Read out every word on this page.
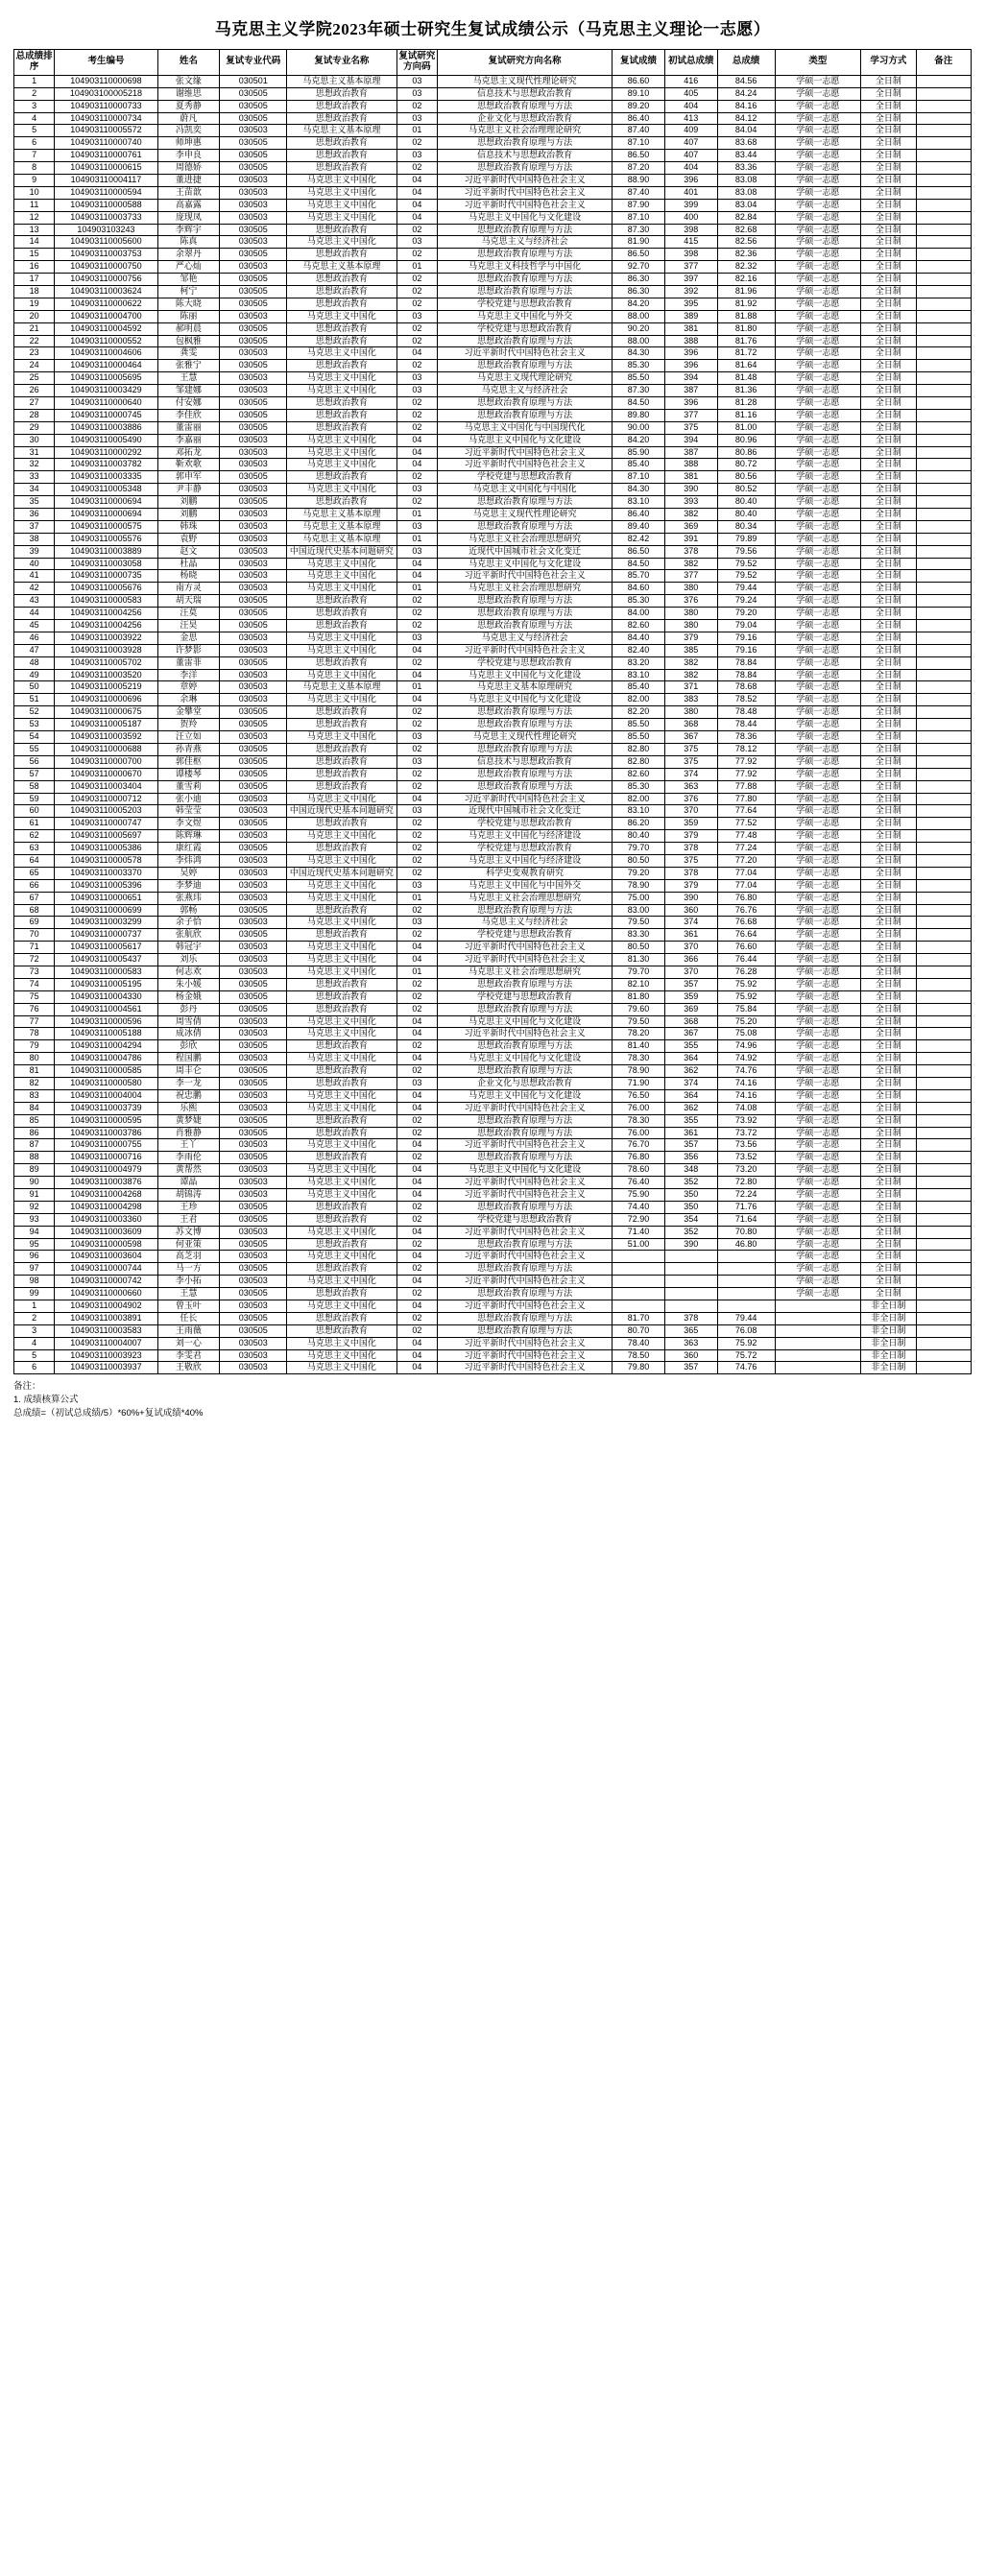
马克思主义学院2023年硕士研究生复试成绩公示（马克思主义理论一志愿）
总成绩排序	考生编号	姓名	复试专业代码	复试专业名称	复试研究方向码	复试研究方向名称	复试成绩	初试总成绩	总成绩	类型	学习方式	备注
1	104903110000698	张文缘	030501	马克思主义基本原理	03	马克思主义现代性理论研究	86.60	416	84.56	学硕一志愿	全日制	
2	104903100005218	谢维思	030505	思想政治教育	03	信息技术与思想政治教育	89.10	405	84.24	学硕一志愿	全日制	
3	104903110000733	夏秀静	030505	思想政治教育	02	思想政治教育原理与方法	89.20	404	84.16	学硕一志愿	全日制	
4	104903110000734	蔚凡	030505	思想政治教育	03	企业文化与思想政治教育	86.40	413	84.12	学硕一志愿	全日制	
5	104903110005572	冯凯奕	030503	马克思主义基本原理	01	马克思主义社会治理理论研究	87.40	409	84.04	学硕一志愿	全日制	
6	104903110000740	师坤惠	030505	思想政治教育	02	思想政治教育原理与方法	87.10	407	83.68	学硕一志愿	全日制	
7	104903110000761	李申良	030505	思想政治教育	03	信息技术与思想政治教育	86.50	407	83.44	学硕一志愿	全日制	
8	104903110000615	周德娇	030505	思想政治教育	02	思想政治教育原理与方法	87.20	404	83.36	学硕一志愿	全日制	
9	104903110004117	董进捷	030503	马克思主义中国化	04	习近平新时代中国特色社会主义	88.90	396	83.08	学硕一志愿	全日制	
10	104903110000594	王苗歆	030503	马克思主义中国化	04	习近平新时代中国特色社会主义	87.40	401	83.08	学硕一志愿	全日制	
11	104903110000588	高嘉露	030503	马克思主义中国化	04	习近平新时代中国特色社会主义	87.90	399	83.04	学硕一志愿	全日制	
12	104903110003733	庞现凤	030503	马克思主义中国化	04	马克思主义中国化与文化建设	87.10	400	82.84	学硕一志愿	全日制	
13	104903103243	李辉宇	030505	思想政治教育	02	思想政治教育原理与方法	87.30	398	82.68	学硕一志愿	全日制	
14	104903110005600	陈真	030503	马克思主义中国化	03	马克思主义与经济社会	81.90	415	82.56	学硕一志愿	全日制	
15	104903110003753	余翠丹	030505	思想政治教育	02	思想政治教育原理与方法	86.50	398	82.36	学硕一志愿	全日制	
16	104903110000750	严心灿	030503	马克思主义基本原理	01	马克思主义科技哲学与中国化	92.70	377	82.32	学硕一志愿	全日制	
17	104903110000756	邹艳	030505	思想政治教育	02	思想政治教育原理与方法	86.30	397	82.16	学硕一志愿	全日制	
18	104903110003624	柯宁	030505	思想政治教育	02	思想政治教育原理与方法	86.30	392	81.96	学硕一志愿	全日制	
19	104903110000622	陈大晓	030505	思想政治教育	02	学校党建与思想政治教育	84.20	395	81.92	学硕一志愿	全日制	
20	104903110004700	陈丽	030503	马克思主义中国化	03	马克思主义中国化与外交	88.00	389	81.88	学硕一志愿	全日制	
21	104903110004592	郝明晨	030505	思想政治教育	02	学校党建与思想政治教育	90.20	381	81.80	学硕一志愿	全日制	
22	104903110000552	包枫雅	030505	思想政治教育	02	思想政治教育原理与方法	88.00	388	81.76	学硕一志愿	全日制	
23	104903110004606	龚雯	030503	马克思主义中国化	04	习近平新时代中国特色社会主义	84.30	396	81.72	学硕一志愿	全日制	
24	104903110000464	张雅宁	030505	思想政治教育	02	思想政治教育原理与方法	85.30	396	81.64	学硕一志愿	全日制	
25	104903110005695	王慧	030503	马克思主义中国化	03	马克思主义现代理论研究	85.50	394	81.48	学硕一志愿	全日制	
26	104903110003429	邹建娜	030503	马克思主义中国化	03	马克思主义与经济社会	87.30	387	81.36	学硕一志愿	全日制	
27	104903110000640	付安娜	030505	思想政治教育	02	思想政治教育原理与方法	84.50	396	81.28	学硕一志愿	全日制	
28	104903110000745	李佳欣	030505	思想政治教育	02	思想政治教育原理与方法	89.80	377	81.16	学硕一志愿	全日制	
29	104903110003886	董雷丽	030505	思想政治教育	02	马克思主义中国化与中国现代化	90.00	375	81.00	学硕一志愿	全日制	
30	104903110005490	李嘉丽	030503	马克思主义中国化	04	马克思主义中国化与文化建设	84.20	394	80.96	学硕一志愿	全日制	
31	104903110000292	邓拓龙	030503	马克思主义中国化	04	习近平新时代中国特色社会主义	85.90	387	80.86	学硕一志愿	全日制	
32	104903110003782	靳欢歌	030503	马克思主义中国化	04	习近平新时代中国特色社会主义	85.40	388	80.72	学硕一志愿	全日制	
33	104903110003335	郭申军	030505	思想政治教育	02	学校党建与思想政治教育	87.10	381	80.56	学硕一志愿	全日制	
34	104903110005348	尹丰静	030503	马克思主义中国化	03	马克思主义中国化与中国化	84.30	390	80.52	学硕一志愿	全日制	
35	104903110000694	刘鹏	030505	思想政治教育	02	思想政治教育原理与方法	83.10	393	80.40	学硕一志愿	全日制	
36	104903110000694	刘鹏	030503	马克思主义基本原理	01	马克思主义现代性理论研究	86.40	382	80.40	学硕一志愿	全日制	
37	104903110000575	韩珠	030503	马克思主义基本原理	03	思想政治教育原理与方法	89.40	369	80.34	学硕一志愿	全日制	
38	104903110005576	袁野	030503	马克思主义基本原理	01	马克思主义社会治理思想研究	82.42	391	79.89	学硕一志愿	全日制	
39	104903110003889	赵文	030503	中国近现代史基本问题研究	03	近现代中国城市社会文化变迁	86.50	378	79.56	学硕一志愿	全日制	
40	104903110003058	杜晶	030503	马克思主义中国化	04	马克思主义中国化与文化建设	84.50	382	79.52	学硕一志愿	全日制	
41	104903110000735	杨晓	030503	马克思主义中国化	04	习近平新时代中国特色社会主义	85.70	377	79.52	学硕一志愿	全日制	
42	104903110005676	南方灵	030503	马克思主义中国化	01	马克思主义社会治理思想研究	84.60	380	79.44	学硕一志愿	全日制	
43	104903110000583	胡天瑞	030505	思想政治教育	02	思想政治教育原理与方法	85.30	376	79.24	学硕一志愿	全日制	
44	104903110004256	汪莫	030505	思想政治教育	02	思想政治教育原理与方法	84.00	380	79.20	学硕一志愿	全日制	
45	104903110004256	汪昊	030505	思想政治教育	02	思想政治教育原理与方法	82.60	380	79.04	学硕一志愿	全日制	
46	104903110003922	金思	030503	马克思主义中国化	03	马克思主义与经济社会	84.40	379	79.16	学硕一志愿	全日制	
47	104903110003928	许梦影	030503	马克思主义中国化	04	习近平新时代中国特色社会主义	82.40	385	79.16	学硕一志愿	全日制	
48	104903110005702	董雷菲	030505	思想政治教育	02	学校党建与思想政治教育	83.20	382	78.84	学硕一志愿	全日制	
49	104903110003520	李洋	030503	马克思主义中国化	04	马克思主义中国化与文化建设	83.10	382	78.84	学硕一志愿	全日制	
50	104903110005219	章婷	030503	马克思主义基本原理	01	马克思主义基本原理研究	85.40	371	78.68	学硕一志愿	全日制	
51	104903110000696	余琳	030503	马克思主义中国化	04	马克思主义中国化与文化建设	82.00	383	78.52	学硕一志愿	全日制	
52	104903110000675	金攀堂	030505	思想政治教育	02	思想政治教育原理与方法	82.20	380	78.48	学硕一志愿	全日制	
53	104903110005187	贺羚	030505	思想政治教育	02	思想政治教育原理与方法	85.50	368	78.44	学硕一志愿	全日制	
54	104903110003592	汪立如	030503	马克思主义中国化	03	马克思主义现代性理论研究	85.50	367	78.36	学硕一志愿	全日制	
55	104903110000688	孙青燕	030505	思想政治教育	02	思想政治教育原理与方法	82.80	375	78.12	学硕一志愿	全日制	
56	104903110000700	郭佳枢	030505	思想政治教育	03	信息技术与思想政治教育	82.80	375	77.92	学硕一志愿	全日制	
57	104903110000670	谭楼琴	030505	思想政治教育	02	思想政治教育原理与方法	82.60	374	77.92	学硕一志愿	全日制	
58	104903110003404	董雪莉	030505	思想政治教育	02	思想政治教育原理与方法	85.30	363	77.88	学硕一志愿	全日制	
59	104903110000712	张小迪	030503	马克思主义中国化	04	习近平新时代中国特色社会主义	82.00	376	77.80	学硕一志愿	全日制	
60	104903110005203	韩莹莹	030503	中国近现代史基本问题研究	03	近现代中国城市社会文化变迁	83.10	370	77.64	学硕一志愿	全日制	
61	104903110000747	李文煜	030505	思想政治教育	02	学校党建与思想政治教育	86.20	359	77.52	学硕一志愿	全日制	
62	104903110005697	陈辉琳	030503	马克思主义中国化	02	马克思主义中国化与经济建设	80.40	379	77.48	学硕一志愿	全日制	
63	104903110005386	康红霞	030505	思想政治教育	02	学校党建与思想政治教育	79.70	378	77.24	学硕一志愿	全日制	
64	104903110000578	李炜鸿	030503	马克思主义中国化	02	马克思主义中国化与经济建设	80.50	375	77.20	学硕一志愿	全日制	
65	104903110003370	吴婷	030503	中国近现代史基本问题研究	02	科学史变观教育研究	79.20	378	77.04	学硕一志愿	全日制	
66	104903110005396	李梦迪	030503	马克思主义中国化	03	马克思主义中国化与中国外交	78.90	379	77.04	学硕一志愿	全日制	
67	104903110000651	张燕玮	030503	马克思主义中国化	01	马克思主义社会治理思想研究	75.00	390	76.80	学硕一志愿	全日制	
68	104903110000699	郭畅	030505	思想政治教育	02	思想政治教育原理与方法	83.00	360	76.76	学硕一志愿	全日制	
69	104903110003299	余子恰	030503	马克思主义中国化	03	马克思主义与经济社会	79.50	374	76.68	学硕一志愿	全日制	
70	104903110000737	张航欣	030505	思想政治教育	02	学校党建与思想政治教育	83.30	361	76.64	学硕一志愿	全日制	
71	104903110005617	韩冠宇	030503	马克思主义中国化	04	习近平新时代中国特色社会主义	80.50	370	76.60	学硕一志愿	全日制	
72	104903110005437	刘乐	030503	马克思主义中国化	04	习近平新时代中国特色社会主义	81.30	366	76.44	学硕一志愿	全日制	
73	104903110000583	何志欢	030503	马克思主义中国化	01	马克思主义社会治理思想研究	79.70	370	76.28	学硕一志愿	全日制	
74	104903110005195	朱小媛	030505	思想政治教育	02	思想政治教育原理与方法	82.10	357	75.92	学硕一志愿	全日制	
75	104903110004330	杨金娥	030505	思想政治教育	02	学校党建与思想政治教育	81.80	359	75.92	学硕一志愿	全日制	
76	104903110004561	彭丹	030505	思想政治教育	02	思想政治教育原理与方法	79.60	369	75.84	学硕一志愿	全日制	
77	104903110000596	周雪倩	030503	马克思主义中国化	04	马克思主义中国化与文化建设	79.50	368	75.20	学硕一志愿	全日制	
78	104903110005188	成冰倩	030503	马克思主义中国化	04	习近平新时代中国特色社会主义	78.20	367	75.08	学硕一志愿	全日制	
79	104903110004294	彭欣	030505	思想政治教育	02	思想政治教育原理与方法	81.40	355	74.96	学硕一志愿	全日制	
80	104903110004786	程国鹏	030503	马克思主义中国化	04	马克思主义中国化与文化建设	78.30	364	74.92	学硕一志愿	全日制	
81	104903110000585	周丰仑	030505	思想政治教育	02	思想政治教育原理与方法	78.90	362	74.76	学硕一志愿	全日制	
82	104903110000580	李一龙	030505	思想政治教育	03	企业文化与思想政治教育	71.90	374	74.16	学硕一志愿	全日制	
83	104903110004004	祝忠鹏	030503	马克思主义中国化	04	马克思主义中国化与文化建设	76.50	364	74.16	学硕一志愿	全日制	
84	104903110003739	乐熙	030503	马克思主义中国化	04	习近平新时代中国特色社会主义	76.00	362	74.08	学硕一志愿	全日制	
85	104903110000595	黄梦婕	030505	思想政治教育	02	思想政治教育原理与方法	78.30	355	73.92	学硕一志愿	全日制	
86	104903110003786	肖雅静	030505	思想政治教育	02	思想政治教育原理与方法	76.00	361	73.72	学硕一志愿	全日制	
87	104903110000755	王丫	030503	马克思主义中国化	04	习近平新时代中国特色社会主义	76.70	357	73.56	学硕一志愿	全日制	
88	104903110000716	李雨伦	030505	思想政治教育	02	思想政治教育原理与方法	76.80	356	73.52	学硕一志愿	全日制	
89	104903110004979	黄帮然	030503	马克思主义中国化	04	马克思主义中国化与文化建设	78.60	348	73.20	学硕一志愿	全日制	
90	104903110003876	谭晶	030503	马克思主义中国化	04	习近平新时代中国特色社会主义	76.40	352	72.80	学硕一志愿	全日制	
91	104903110004268	胡锦涛	030503	马克思主义中国化	04	习近平新时代中国特色社会主义	75.90	350	72.24	学硕一志愿	全日制	
92	104903110004298	王珍	030505	思想政治教育	02	思想政治教育原理与方法	74.40	350	71.76	学硕一志愿	全日制	
93	104903110003360	王君	030505	思想政治教育	02	学校党建与思想政治教育	72.90	354	71.64	学硕一志愿	全日制	
94	104903110003609	苏文博	030503	马克思主义中国化	04	习近平新时代中国特色社会主义	71.40	352	70.80	学硕一志愿	全日制	
95	104903110000598	何亚策	030505	思想政治教育	02	思想政治教育原理与方法	51.00	390	46.80	学硕一志愿	全日制	
96	104903110003604	高芝羽	030503	马克思主义中国化	04	习近平新时代中国特色社会主义				学硕一志愿	全日制	
97	104903110000744	马一方	030505	思想政治教育	02	思想政治教育原理与方法				学硕一志愿	全日制	
98	104903110000742	李小拓	030503	马克思主义中国化	04	习近平新时代中国特色社会主义				学硕一志愿	全日制	
99	104903110000660	王慧	030505	思想政治教育	02	思想政治教育原理与方法				学硕一志愿	全日制	
1	104903110004902	曾玉叶	030503	马克思主义中国化	04	习近平新时代中国特色社会主义					非全日制	
2	104903110003891	任长	030505	思想政治教育	02	思想政治教育原理与方法	81.70	378	79.44		非全日制	
3	104903110003583	王雨薇	030505	思想政治教育	02	思想政治教育原理与方法	80.70	365	76.08		非全日制	
4	104903110004007	刘一心	030503	马克思主义中国化	04	习近平新时代中国特色社会主义	78.40	363	75.92		非全日制	
5	104903110003923	李雯君	030503	马克思主义中国化	04	习近平新时代中国特色社会主义	78.50	360	75.72		非全日制	
6	104903110003937	王敬欣	030503	马克思主义中国化	04	习近平新时代中国特色社会主义	79.80	357	74.76		非全日制	
备注：
1. 成绩核算公式
总成绩=（初试总成绩/5）*60%+复试成绩*40%
